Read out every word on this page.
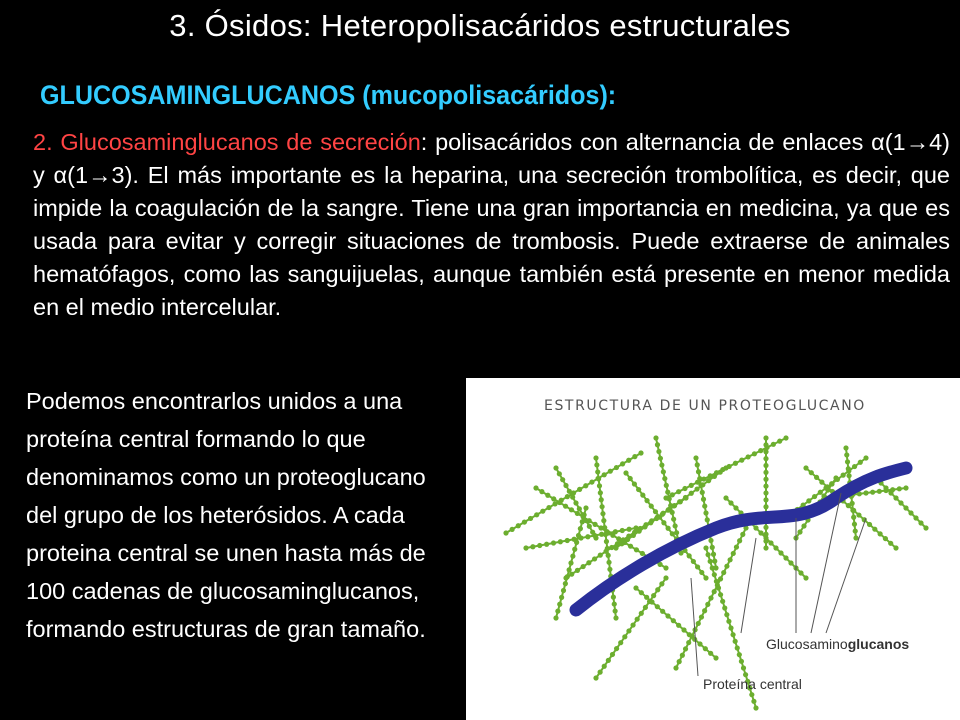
3. Ósidos: Heteropolisacáridos estructurales
GLUCOSAMINGLUCANOS (mucopolisacáridos):
2. Glucosaminglucanos de secreción: polisacáridos con alternancia de enlaces α(1→4) y α(1→3). El más importante es la heparina, una secreción trombolítica, es decir, que impide la coagulación de la sangre. Tiene una gran importancia en medicina, ya que es usada para evitar y corregir situaciones de trombosis. Puede extraerse de animales hematófagos, como las sanguijuelas, aunque también está presente en menor medida en el medio intercelular.
Podemos encontrarlos unidos a una proteína central formando lo que denominamos como un proteoglucano del grupo de los heterósidos. A cada proteina central se unen hasta más de 100 cadenas de glucosaminglucanos, formando estructuras de gran tamaño.
ESTRUCTURA DE UN PROTEOGLUCANO
Glucosaminoglucanos
Proteína central
